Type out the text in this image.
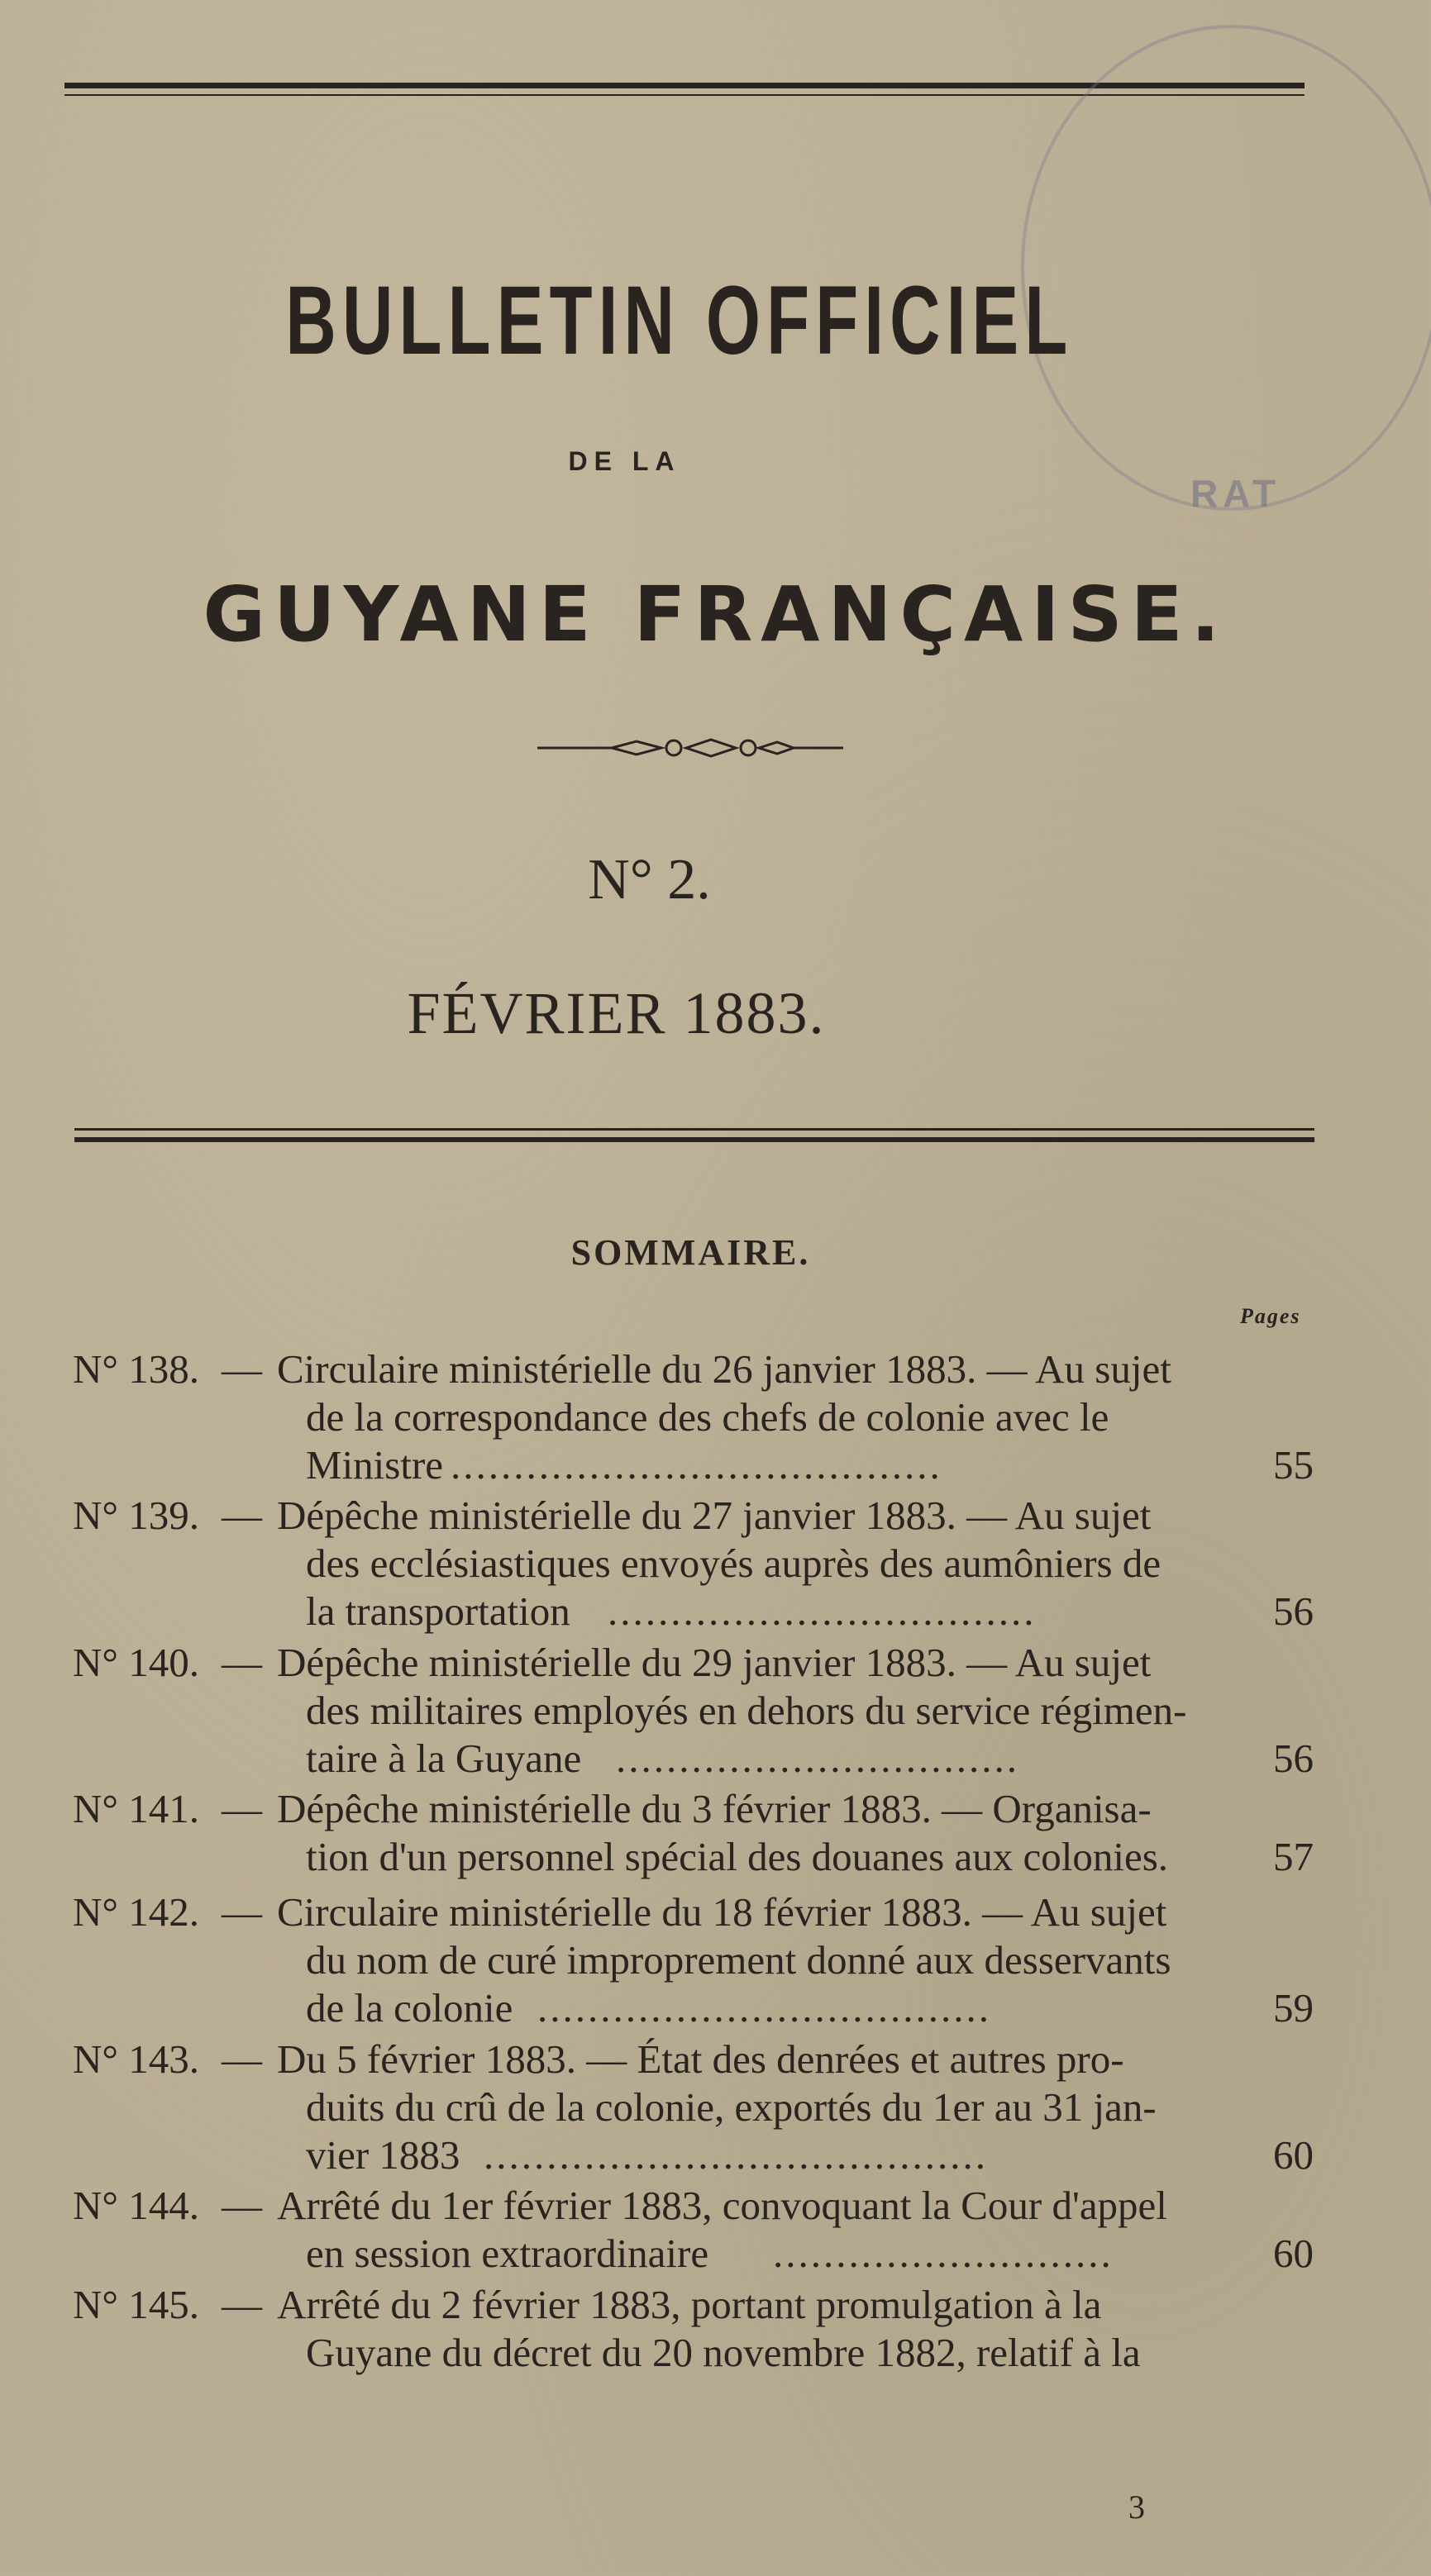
RAT
BULLETIN OFFICIEL
DE LA
GUYANE FRANÇAISE.
N° 2.
FÉVRIER 1883.
SOMMAIRE.
Pages
N° 138. — Circulaire ministérielle du 26 janvier 1883. — Au sujet
de la correspondance des chefs de colonie avec le
Ministre .......................................	55
N° 139. — Dépêche ministérielle du 27 janvier 1883. — Au sujet
des ecclésiastiques envoyés auprès des aumôniers de
la transportation ..................................	56
N° 140. — Dépêche ministérielle du 29 janvier 1883. — Au sujet
des militaires employés en dehors du service régimen-
taire à la Guyane ................................	56
N° 141. — Dépêche ministérielle du 3 février 1883. — Organisa-
tion d'un personnel spécial des douanes aux colonies.	57
N° 142. — Circulaire ministérielle du 18 février 1883. — Au sujet
du nom de curé improprement donné aux desservants
de la colonie ....................................	59
N° 143. — Du 5 février 1883. — État des denrées et autres pro-
duits du crû de la colonie, exportés du 1er au 31 jan-
vier 1883 ........................................	60
N° 144. — Arrêté du 1er février 1883, convoquant la Cour d'appel
en session extraordinaire ...........................	60
N° 145. — Arrêté du 2 février 1883, portant promulgation à la
Guyane du décret du 20 novembre 1882, relatif à la
3
